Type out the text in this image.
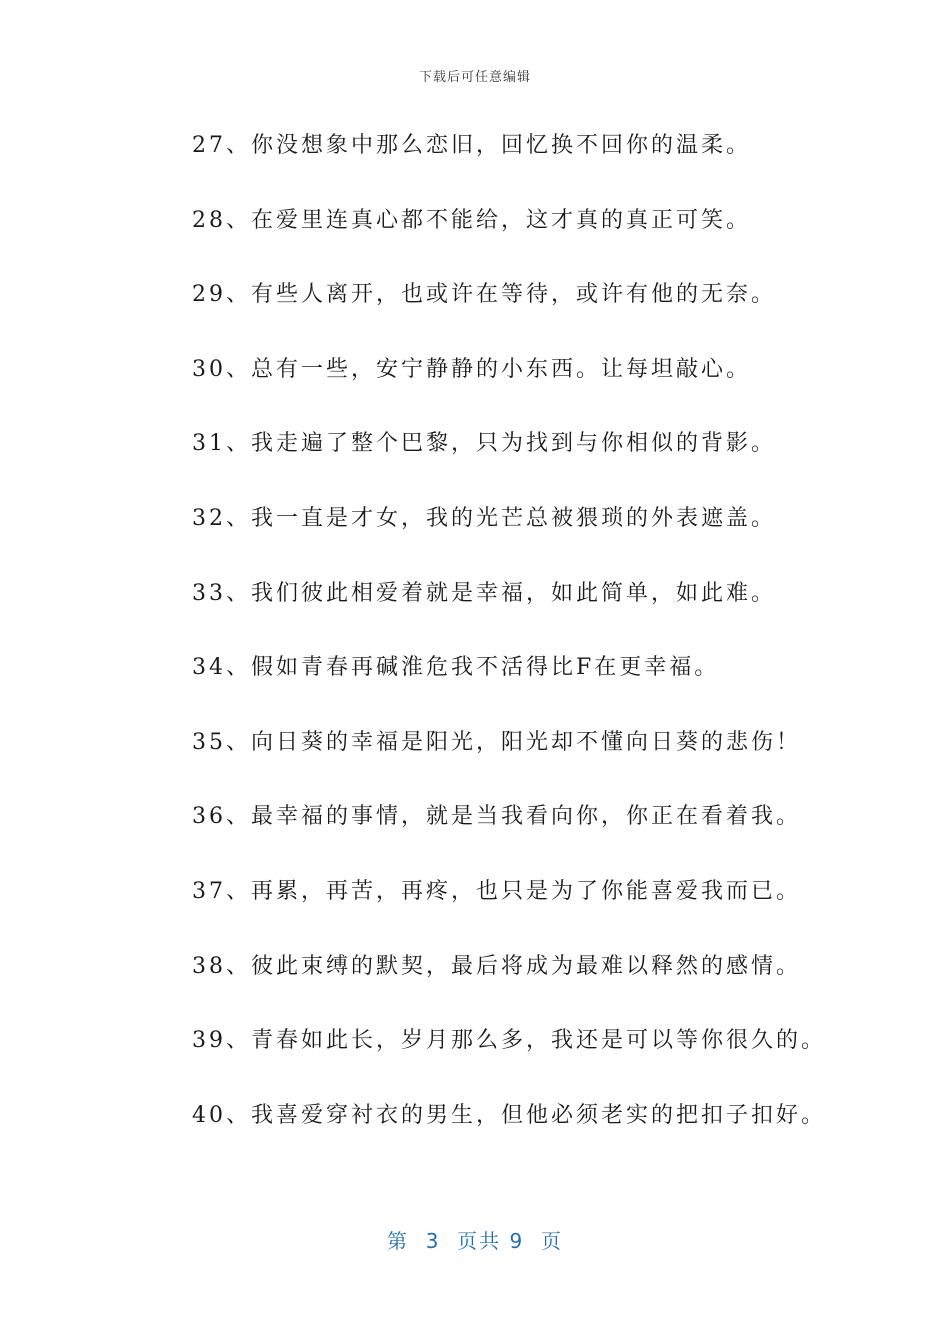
下载后可任意编辑
27、你没想象中那么恋旧，回忆换不回你的温柔。
28、在爱里连真心都不能给，这才真的真正可笑。
29、有些人离开，也或许在等待，或许有他的无奈。
30、总有一些，安宁静静的小东西。让每坦敲心。
31、我走遍了整个巴黎，只为找到与你相似的背影。
32、我一直是才女，我的光芒总被猥琐的外表遮盖。
33、我们彼此相爱着就是幸福，如此简单，如此难。
34、假如青春再碱淮危我不活得比F在更幸福。
35、向日葵的幸福是阳光，阳光却不懂向日葵的悲伤！
36、最幸福的事情，就是当我看向你，你正在看着我。
37、再累，再苦，再疼，也只是为了你能喜爱我而已。
38、彼此束缚的默契，最后将成为最难以释然的感情。
39、青春如此长，岁月那么多，我还是可以等你很久的。
40、我喜爱穿衬衣的男生，但他必须老实的把扣子扣好。
第  3  页共 9  页
